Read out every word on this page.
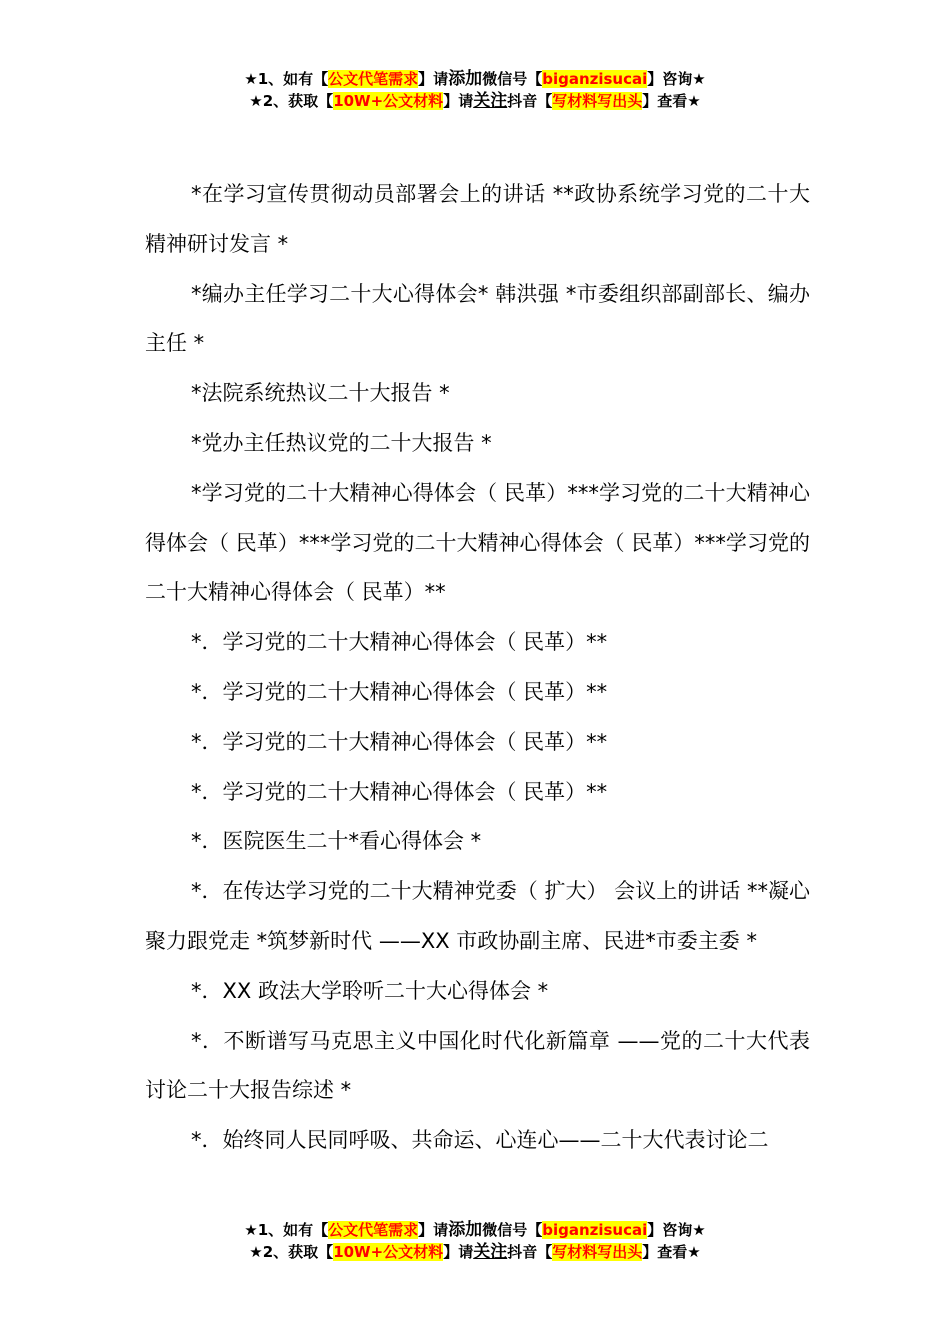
★1、如有【公文代笔需求】请添加微信号【biganzisucai】咨询★
★2、获取【10W+公文材料】请关注抖音【写材料写出头】查看★

*在学习宣传贯彻动员部署会上的讲话 **政协系统学习党的二十大精神研讨发言 *

*编办主任学习二十大心得体会* 韩洪强 *市委组织部副部长、编办主任 *

*法院系统热议二十大报告 *

*党办主任热议党的二十大报告 *

*学习党的二十大精神心得体会（ 民革）***学习党的二十大精神心得体会（ 民革）***学习党的二十大精神心得体会（ 民革）***学习党的二十大精神心得体会（ 民革）**

*．学习党的二十大精神心得体会（ 民革）**

*．学习党的二十大精神心得体会（ 民革）**

*．学习党的二十大精神心得体会（ 民革）**

*．学习党的二十大精神心得体会（ 民革）**

*．医院医生二十*看心得体会 *

*．在传达学习党的二十大精神党委（ 扩大） 会议上的讲话 **凝心聚力跟党走 *筑梦新时代 ——XX 市政协副主席、民进*市委主委 *

*．XX 政法大学聆听二十大心得体会 *

*．不断谱写马克思主义中国化时代化新篇章 ——党的二十大代表讨论二十大报告综述 *

*．始终同人民同呼吸、共命运、心连心——二十大代表讨论二

★1、如有【公文代笔需求】请添加微信号【biganzisucai】咨询★
★2、获取【10W+公文材料】请关注抖音【写材料写出头】查看★
